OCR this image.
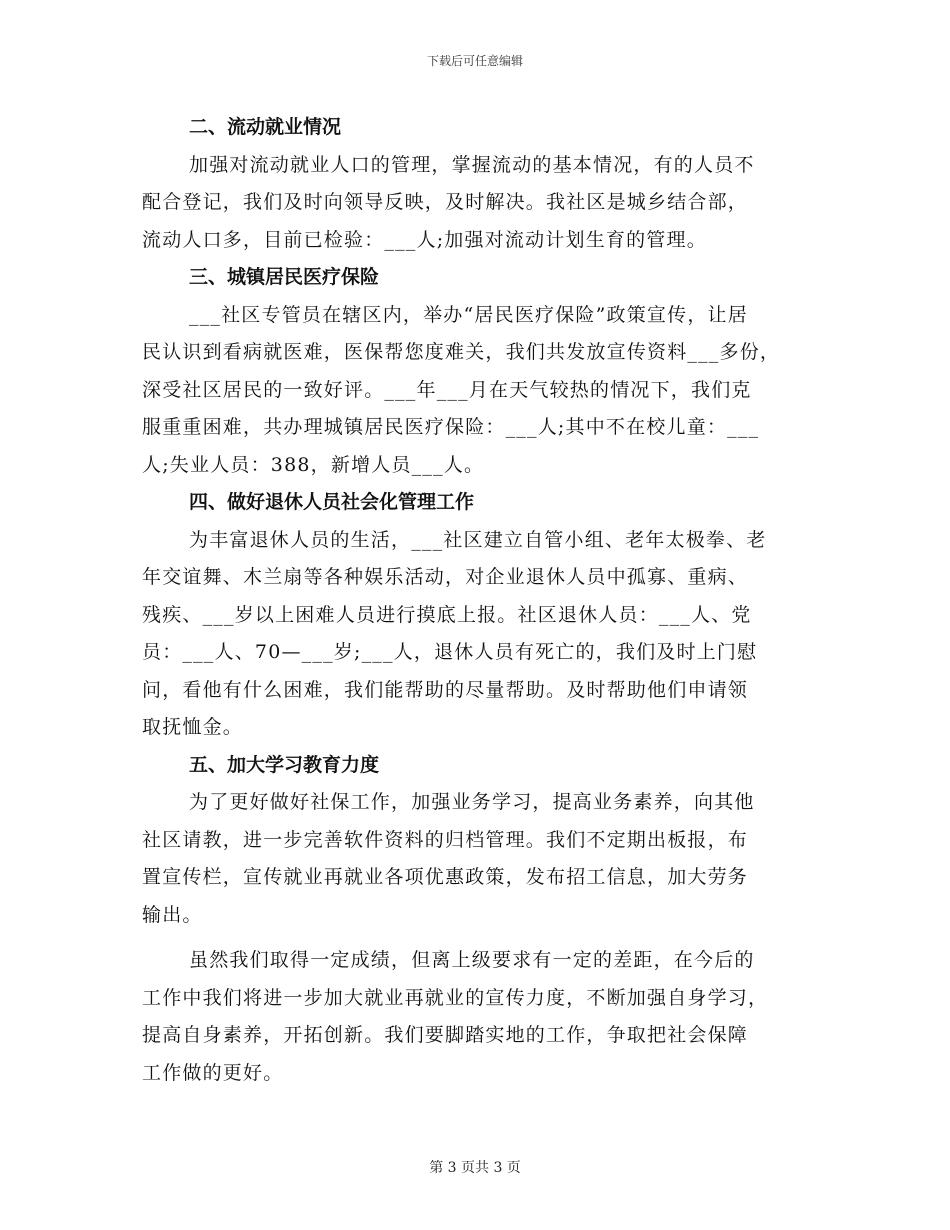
下载后可任意编辑

二、流动就业情况

加强对流动就业人口的管理，掌握流动的基本情况，有的人员不
配合登记，我们及时向领导反映，及时解决。我社区是城乡结合部，
流动人口多，目前已检验：___人;加强对流动计划生育的管理。

三、城镇居民医疗保险

___社区专管员在辖区内，举办“居民医疗保险”政策宣传，让居
民认识到看病就医难，医保帮您度难关，我们共发放宣传资料___多份，
深受社区居民的一致好评。___年___月在天气较热的情况下，我们克
服重重困难，共办理城镇居民医疗保险：___人;其中不在校儿童：___
人;失业人员：388，新增人员___人。

四、做好退休人员社会化管理工作

为丰富退休人员的生活，___社区建立自管小组、老年太极拳、老
年交谊舞、木兰扇等各种娱乐活动，对企业退休人员中孤寡、重病、
残疾、___岁以上困难人员进行摸底上报。社区退休人员：___人、党
员：___人、70—___岁;___人，退休人员有死亡的，我们及时上门慰
问，看他有什么困难，我们能帮助的尽量帮助。及时帮助他们申请领
取抚恤金。

五、加大学习教育力度

为了更好做好社保工作，加强业务学习，提高业务素养，向其他
社区请教，进一步完善软件资料的归档管理。我们不定期出板报，布
置宣传栏，宣传就业再就业各项优惠政策，发布招工信息，加大劳务
输出。

虽然我们取得一定成绩，但离上级要求有一定的差距，在今后的
工作中我们将进一步加大就业再就业的宣传力度，不断加强自身学习，
提高自身素养，开拓创新。我们要脚踏实地的工作，争取把社会保障
工作做的更好。

第 3 页共 3 页
